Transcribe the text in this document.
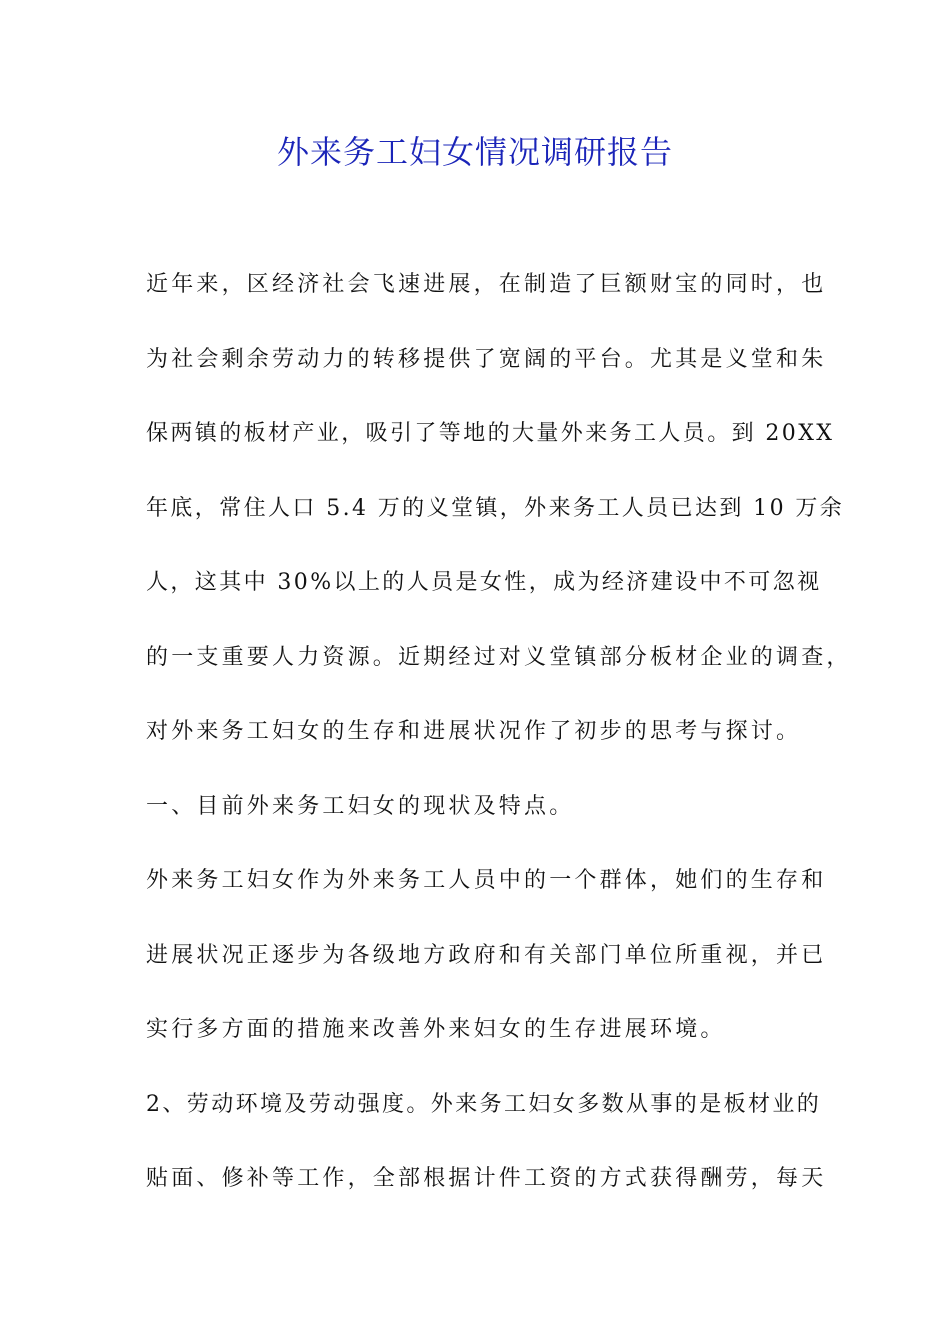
外来务工妇女情况调研报告
近年来，区经济社会飞速进展，在制造了巨额财宝的同时，也
为社会剩余劳动力的转移提供了宽阔的平台。尤其是义堂和朱
保两镇的板材产业，吸引了等地的大量外来务工人员。到 20XX
年底，常住人口 5.4 万的义堂镇，外来务工人员已达到 10 万余
人，这其中 30%以上的人员是女性，成为经济建设中不可忽视
的一支重要人力资源。近期经过对义堂镇部分板材企业的调查，
对外来务工妇女的生存和进展状况作了初步的思考与探讨。
一、目前外来务工妇女的现状及特点。
外来务工妇女作为外来务工人员中的一个群体，她们的生存和
进展状况正逐步为各级地方政府和有关部门单位所重视，并已
实行多方面的措施来改善外来妇女的生存进展环境。
2、劳动环境及劳动强度。外来务工妇女多数从事的是板材业的
贴面、修补等工作，全部根据计件工资的方式获得酬劳，每天
